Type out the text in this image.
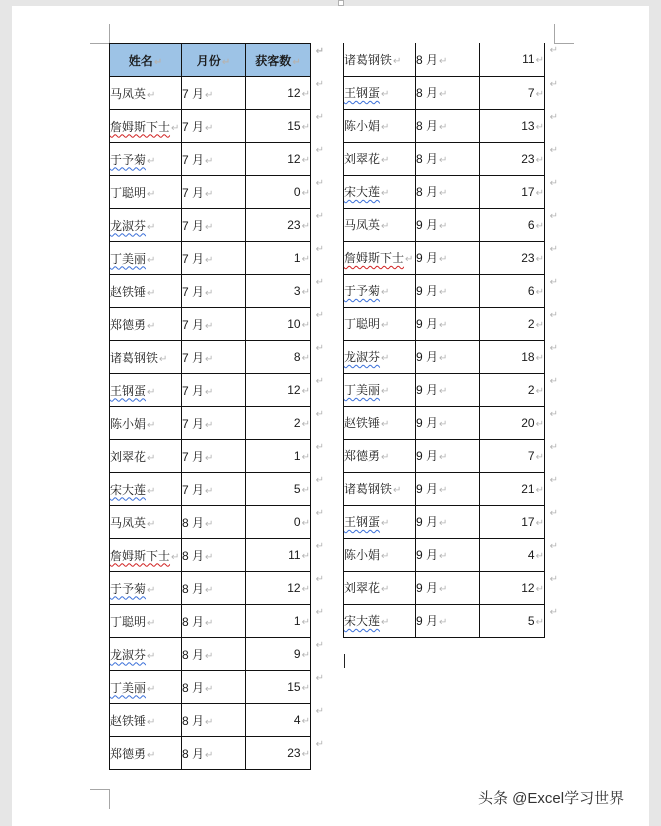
姓名↵	月份↵	获客数↵
↵

马凤英↵	7 月↵	12↵
↵

詹姆斯下士↵	7 月↵	15↵
↵

于予菊↵	7 月↵	12↵
↵

丁聪明↵	7 月↵	0↵
↵

龙淑芬↵	7 月↵	23↵
↵

丁美丽↵	7 月↵	1↵
↵

赵铁锤↵	7 月↵	3↵
↵

郑德勇↵	7 月↵	10↵
↵

诸葛钢铁↵	7 月↵	8↵
↵

王钢蛋↵	7 月↵	12↵
↵

陈小娟↵	7 月↵	2↵
↵

刘翠花↵	7 月↵	1↵
↵

宋大莲↵	7 月↵	5↵
↵

马凤英↵	8 月↵	0↵
↵

詹姆斯下士↵	8 月↵	11↵
↵

于予菊↵	8 月↵	12↵
↵

丁聪明↵	8 月↵	1↵
↵

龙淑芬↵	8 月↵	9↵
↵

丁美丽↵	8 月↵	15↵
↵

赵铁锤↵	8 月↵	4↵
↵

郑德勇↵	8 月↵	23↵
↵
诸葛钢铁↵	8 月↵	11↵
↵

王钢蛋↵	8 月↵	7↵
↵

陈小娟↵	8 月↵	13↵
↵

刘翠花↵	8 月↵	23↵
↵

宋大莲↵	8 月↵	17↵
↵

马凤英↵	9 月↵	6↵
↵

詹姆斯下士↵	9 月↵	23↵
↵

于予菊↵	9 月↵	6↵
↵

丁聪明↵	9 月↵	2↵
↵

龙淑芬↵	9 月↵	18↵
↵

丁美丽↵	9 月↵	2↵
↵

赵铁锤↵	9 月↵	20↵
↵

郑德勇↵	9 月↵	7↵
↵

诸葛钢铁↵	9 月↵	21↵
↵

王钢蛋↵	9 月↵	17↵
↵

陈小娟↵	9 月↵	4↵
↵

刘翠花↵	9 月↵	12↵
↵

宋大莲↵	9 月↵	5↵
↵
头条 @Excel学习世界
